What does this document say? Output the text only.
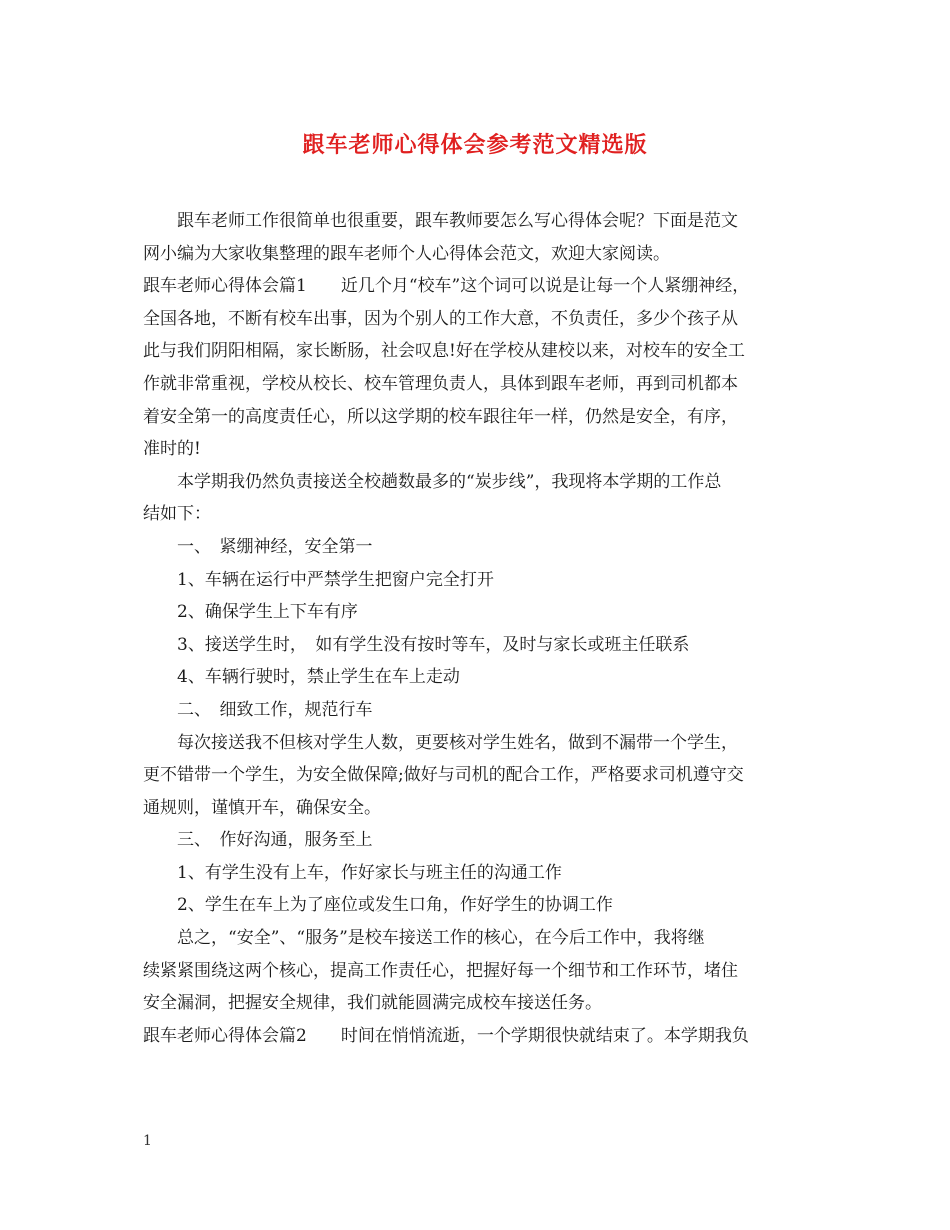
跟车老师心得体会参考范文精选版

跟车老师工作很简单也很重要，跟车教师要怎么写心得体会呢？下面是范文

网小编为大家收集整理的跟车老师个人心得体会范文，欢迎大家阅读。

跟车老师心得体会篇1　　近几个月“校车”这个词可以说是让每一个人紧绷神经，

全国各地，不断有校车出事，因为个别人的工作大意，不负责任，多少个孩子从

此与我们阴阳相隔，家长断肠，社会叹息!好在学校从建校以来，对校车的安全工

作就非常重视，学校从校长、校车管理负责人，具体到跟车老师，再到司机都本

着安全第一的高度责任心，所以这学期的校车跟往年一样，仍然是安全，有序，

准时的!

本学期我仍然负责接送全校趟数最多的“炭步线”，我现将本学期的工作总

结如下：

一、　紧绷神经，安全第一

1、车辆在运行中严禁学生把窗户完全打开

2、确保学生上下车有序

3、接送学生时，　如有学生没有按时等车，及时与家长或班主任联系

4、车辆行驶时，禁止学生在车上走动

二、　细致工作，规范行车

每次接送我不但核对学生人数，更要核对学生姓名，做到不漏带一个学生，

更不错带一个学生，为安全做保障;做好与司机的配合工作，严格要求司机遵守交

通规则，谨慎开车，确保安全。

三、　作好沟通，服务至上

1、有学生没有上车，作好家长与班主任的沟通工作

2、学生在车上为了座位或发生口角，作好学生的协调工作

总之，“安全”、“服务”是校车接送工作的核心，在今后工作中，我将继

续紧紧围绕这两个核心，提高工作责任心，把握好每一个细节和工作环节，堵住

安全漏洞，把握安全规律，我们就能圆满完成校车接送任务。

跟车老师心得体会篇2　　时间在悄悄流逝，一个学期很快就结束了。本学期我负

1
